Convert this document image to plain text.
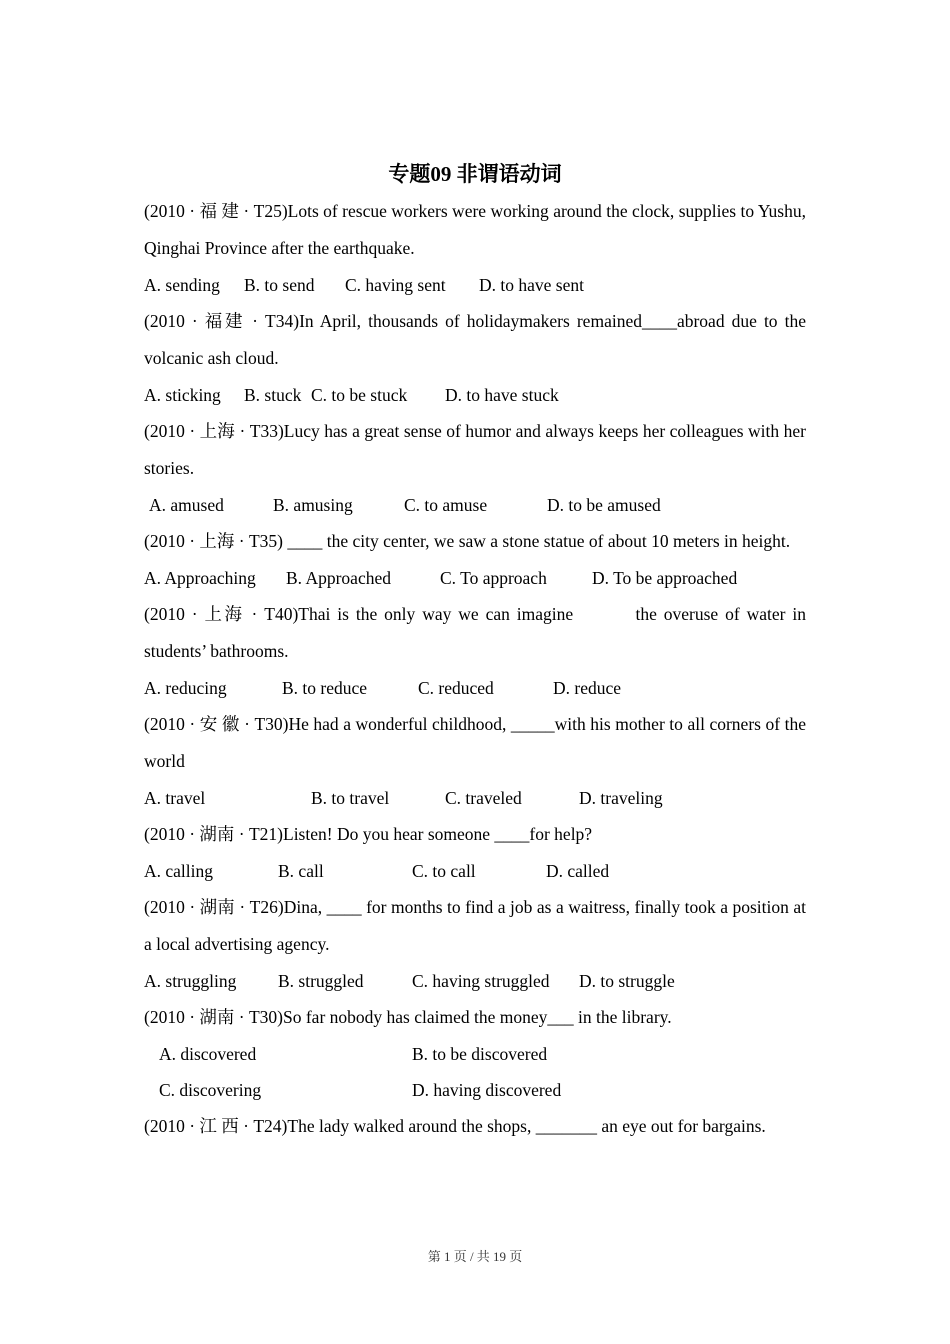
专题09 非谓语动词

(2010 · 福 建 · T25)Lots of rescue workers were working around the clock, supplies to Yushu, Qinghai Province after the earthquake.

A. sending B. to send C. having sent D. to have sent

(2010 · 福建 · T34)In April, thousands of holidaymakers remained____abroad due to the volcanic ash cloud.

A. sticking B. stuck C. to be stuck D. to have stuck

(2010 · 上海 · T33)Lucy has a great sense of humor and always keeps her colleagues with her stories.

A. amused	B. amusing	C. to amuse	D. to be amused

(2010 · 上海 · T35) ____ the city center, we saw a stone statue of about 10 meters in height.

A. Approaching B. Approached	C. To approach	D. To be approached

(2010 · 上海 · T40)Thai is the only way we can imagine         the overuse of water in students’ bathrooms.

A. reducing	B. to reduce	C. reduced	D. reduce

(2010 · 安 徽 · T30)He had a wonderful childhood, _____with his mother to all corners of the world

A. travel	B. to travel	C. traveled	D. traveling

(2010 · 湖南 · T21)Listen! Do you hear someone ____for help?

A. calling	B. call	C. to call	D. called

(2010 · 湖南 · T26)Dina, ____ for months to find a job as a waitress, finally took a position at a local advertising agency.

A. struggling B. struggled	C. having struggled D. to struggle

(2010 · 湖南 · T30)So far nobody has claimed the money___ in the library.

A. discovered	B. to be discovered
C. discovering	D. having discovered

(2010 · 江 西 · T24)The lady walked around the shops, _______ an eye out for bargains.

第 1 页 / 共 19 页
